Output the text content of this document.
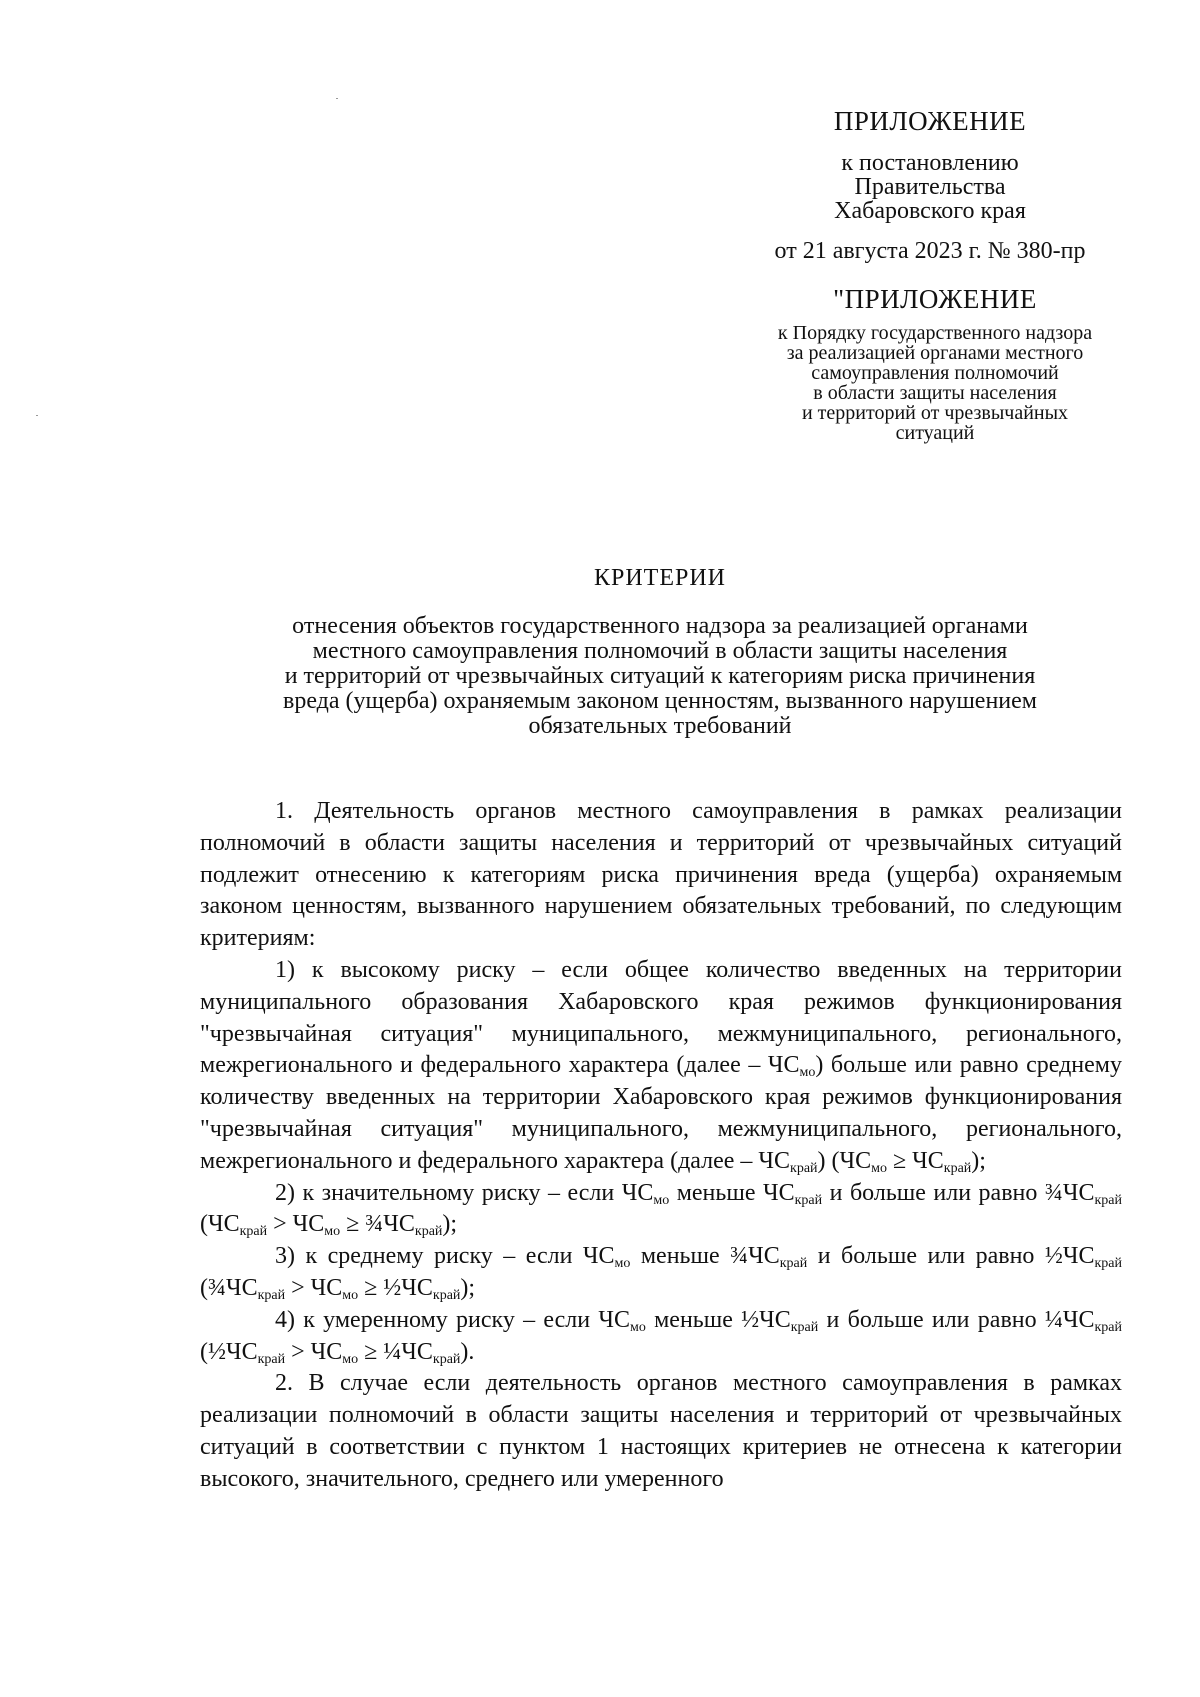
ПРИЛОЖЕНИЕ
к постановлению
Правительства
Хабаровского края
от 21 августа 2023 г. № 380-пр
"ПРИЛОЖЕНИЕ
к Порядку государственного надзора
за реализацией органами местного
самоуправления полномочий
в области защиты населения
и территорий от чрезвычайных
ситуаций
КРИТЕРИИ
отнесения объектов государственного надзора за реализацией органами
местного самоуправления полномочий в области защиты населения
и территорий от чрезвычайных ситуаций к категориям риска причинения
вреда (ущерба) охраняемым законом ценностям, вызванного нарушением
обязательных требований

1. Деятельность органов местного самоуправления в рамках реализации полномочий в области защиты населения и территорий от чрезвычайных ситуаций подлежит отнесению к категориям риска причинения вреда (ущерба) охраняемым законом ценностям, вызванного нарушением обязательных требований, по следующим критериям:

1) к высокому риску – если общее количество введенных на территории муниципального образования Хабаровского края режимов функционирования "чрезвычайная ситуация" муниципального, межмуниципального, регионального, межрегионального и федерального характера (далее – $ЧС_{мо}$) больше или равно среднему количеству введенных на территории Хабаровского края режимов функционирования "чрезвычайная ситуация" муниципального, межмуниципального, регионального, межрегионального и федерального характера (далее – $ЧС_{край}$) $(ЧС_{мо} \ge ЧС_{край})$;

2) к значительному риску – если $ЧС_{мо}$ меньше $ЧС_{край}$ и больше или равно $\frac{3}{4}ЧС_{край}$ ($ЧС_{край} > ЧС_{мо}$ ≥ $\frac{3}{4}ЧС_{край}$);

3) к среднему риску – если $ЧС_{мо}$ меньше $\frac{3}{4}ЧС_{край}$ и больше или равно $\frac{1}{2}ЧС_{край}$ ($\frac{3}{4}ЧС_{край} > ЧС_{мо}$ ≥ $\frac{1}{2}ЧС_{край}$);

4) к умеренному риску – если $ЧС_{мо}$ меньше $\frac{1}{2}ЧС_{край}$ и больше или равно $\frac{1}{4}ЧС_{край}$ ($\frac{1}{2}ЧС_{край} > ЧС_{мо}$ ≥ $\frac{1}{4}ЧС_{край}$).

2. В случае если деятельность органов местного самоуправления в рамках реализации полномочий в области защиты населения и территорий от чрезвычайных ситуаций в соответствии с пунктом 1 настоящих критериев не отнесена к категории высокого, значительного, среднего или умеренного
